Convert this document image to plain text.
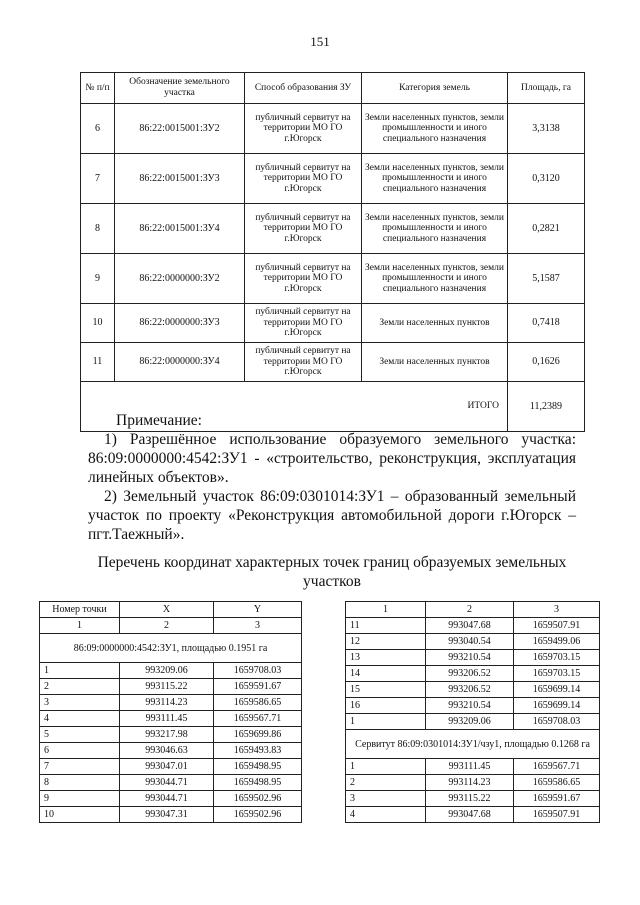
151
№ п/п	Обозначение земельного участка	Способ образования ЗУ	Категория земель	Площадь, га
6	86:22:0015001:ЗУ2	публичный сервитут на территории МО ГО г.Югорск	Земли населенных пунктов, земли промышленности и иного специального назначения	3,3138
7	86:22:0015001:ЗУ3	публичный сервитут на территории МО ГО г.Югорск	Земли населенных пунктов, земли промышленности и иного специального назначения	0,3120
8	86:22:0015001:ЗУ4	публичный сервитут на территории МО ГО г.Югорск	Земли населенных пунктов, земли промышленности и иного специального назначения	0,2821
9	86:22:0000000:ЗУ2	публичный сервитут на территории МО ГО г.Югорск	Земли населенных пунктов, земли промышленности и иного специального назначения	5,1587
10	86:22:0000000:ЗУ3	публичный сервитут на территории МО ГО г.Югорск	Земли населенных пунктов	0,7418
11	86:22:0000000:ЗУ4	публичный сервитут на территории МО ГО г.Югорск	Земли населенных пунктов	0,1626
ИТОГО				11,2389

Примечание:

1) Разрешённое использование образуемого земельного участка: 86:09:0000000:4542:ЗУ1 - «строительство, реконструкция, эксплуатация линейных объектов».

2) Земельный участок 86:09:0301014:ЗУ1 – образованный земельный участок по проекту «Реконструкция автомобильной дороги г.Югорск – пгт.Таежный».

Перечень координат характерных точек границ образуемых земельных участков
Номер точки	X	Y
1	2	3
86:09:0000000:4542:ЗУ1, площадью 0.1951 га		
1	993209.06	1659708.03
2	993115.22	1659591.67
3	993114.23	1659586.65
4	993111.45	1659567.71
5	993217.98	1659699.86
6	993046.63	1659493.83
7	993047.01	1659498.95
8	993044.71	1659498.95
9	993044.71	1659502.96
10	993047.31	1659502.96
1	2	3
11	993047.68	1659507.91
12	993040.54	1659499.06
13	993210.54	1659703.15
14	993206.52	1659703.15
15	993206.52	1659699.14
16	993210.54	1659699.14
1	993209.06	1659708.03
Сервитут 86:09:0301014:ЗУ1/чзу1, площадью 0.1268 га		
1	993111.45	1659567.71
2	993114.23	1659586.65
3	993115.22	1659591.67
4	993047.68	1659507.91
